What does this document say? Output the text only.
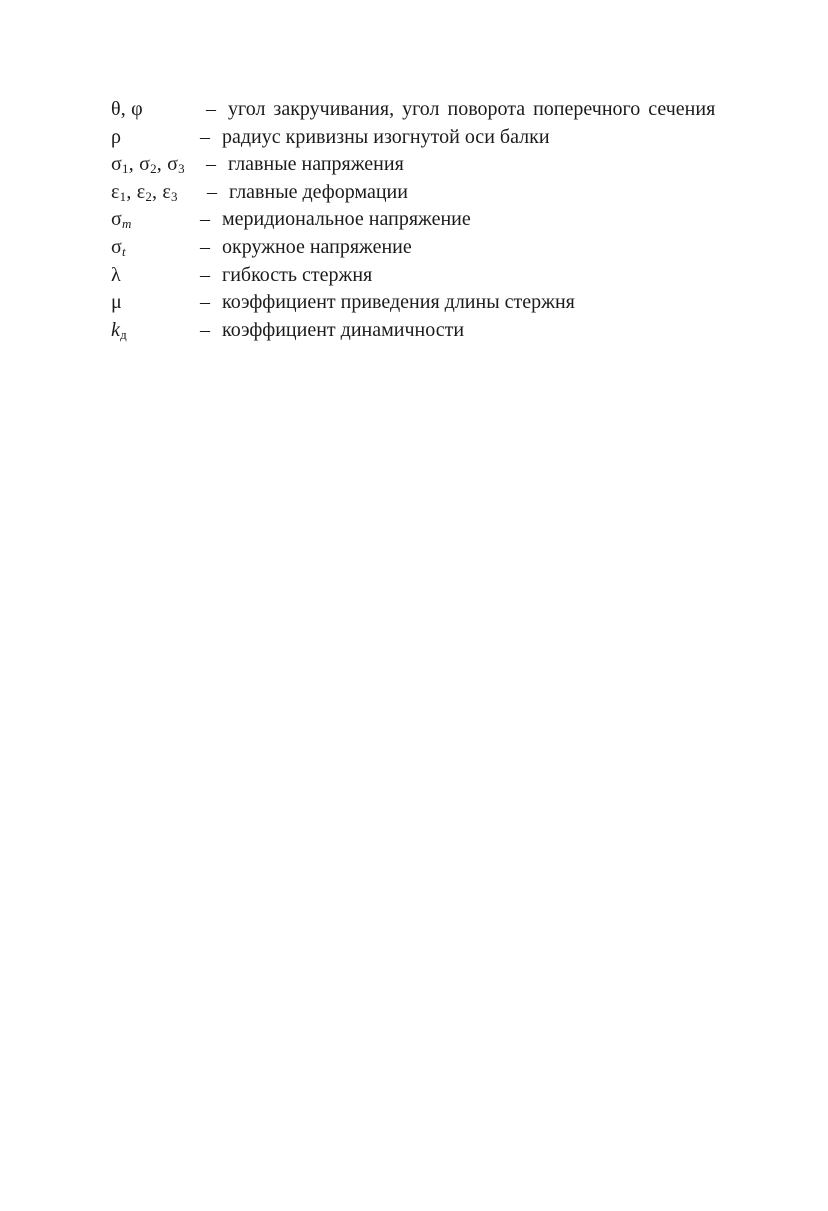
θ, φ	– угол закручивания, угол поворота поперечного сечения
ρ	– радиус кривизны изогнутой оси балки
$\sigma_1$, $\sigma_2$, $\sigma_3$	– главные напряжения
$\varepsilon_1$, $\varepsilon_2$, $\varepsilon_3$	– главные деформации
$\sigma_m$	– меридиональное напряжение
$\sigma_t$	– окружное напряжение
λ	– гибкость стержня
μ	– коэффициент приведения длины стержня
$k_д$	– коэффициент динамичности
